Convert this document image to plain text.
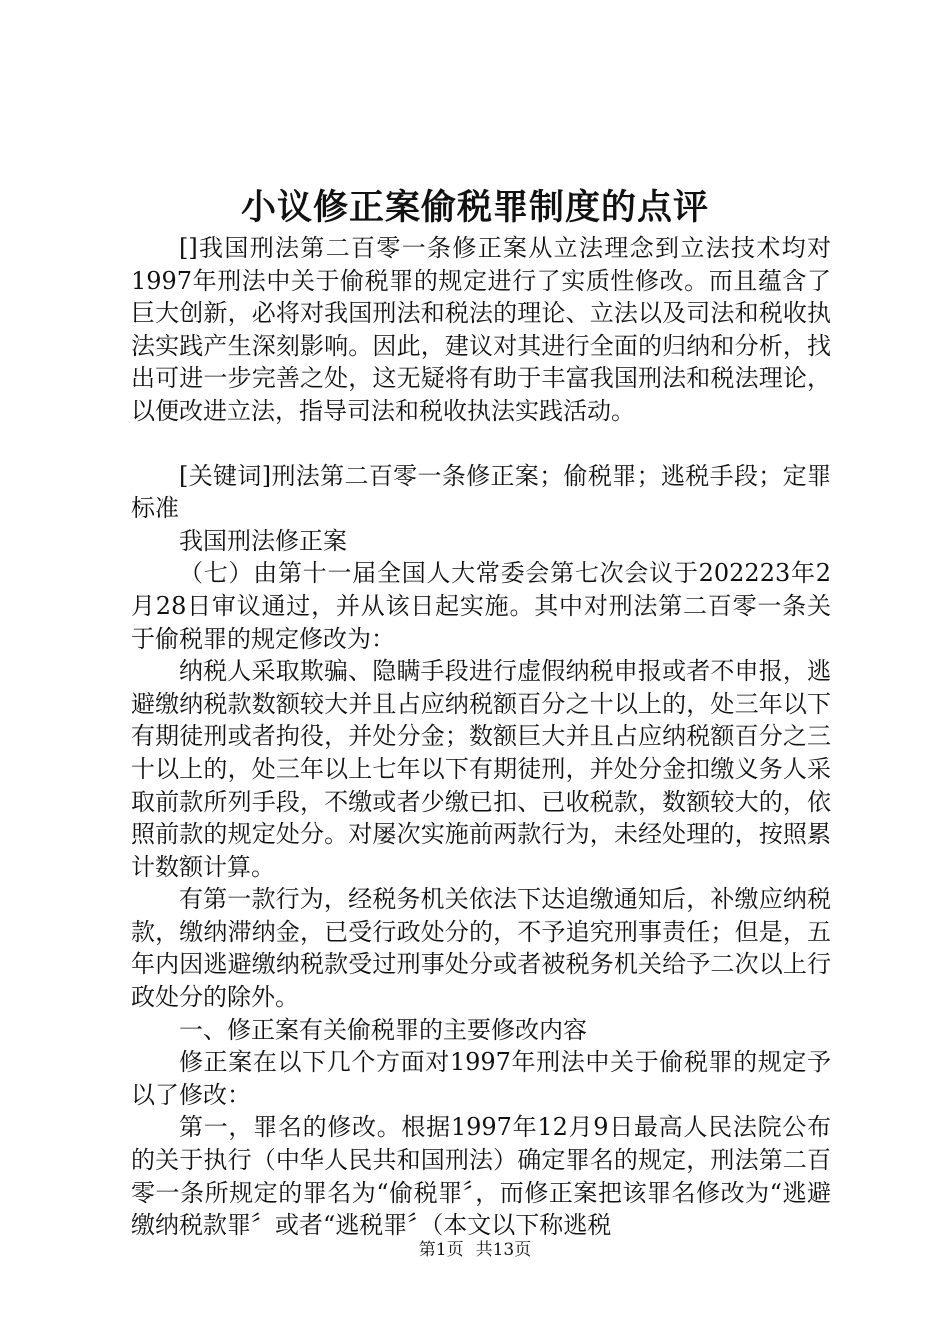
小议修正案偷税罪制度的点评

[]我国刑法第二百零一条修正案从立法理念到立法技术均对1997年刑法中关于偷税罪的规定进行了实质性修改。而且蕴含了巨大创新，必将对我国刑法和税法的理论、立法以及司法和税收执法实践产生深刻影响。因此，建议对其进行全面的归纳和分析，找出可进一步完善之处，这无疑将有助于丰富我国刑法和税法理论，以便改进立法，指导司法和税收执法实践活动。

[关键词]刑法第二百零一条修正案；偷税罪；逃税手段；定罪标准

我国刑法修正案

（七）由第十一届全国人大常委会第七次会议于202223年2月28日审议通过，并从该日起实施。其中对刑法第二百零一条关于偷税罪的规定修改为：

纳税人采取欺骗、隐瞒手段进行虚假纳税申报或者不申报，逃避缴纳税款数额较大并且占应纳税额百分之十以上的，处三年以下有期徒刑或者拘役，并处分金；数额巨大并且占应纳税额百分之三十以上的，处三年以上七年以下有期徒刑，并处分金扣缴义务人采取前款所列手段，不缴或者少缴已扣、已收税款，数额较大的，依照前款的规定处分。对屡次实施前两款行为，未经处理的，按照累计数额计算。

有第一款行为，经税务机关依法下达追缴通知后，补缴应纳税款，缴纳滞纳金，已受行政处分的，不予追究刑事责任；但是，五年内因逃避缴纳税款受过刑事处分或者被税务机关给予二次以上行政处分的除外。

一、修正案有关偷税罪的主要修改内容

修正案在以下几个方面对1997年刑法中关于偷税罪的规定予以了修改：

第一，罪名的修改。根据1997年12月9日最高人民法院公布的关于执行（中华人民共和国刑法）确定罪名的规定，刑法第二百零一条所规定的罪名为“偷税罪〞，而修正案把该罪名修改为“逃避缴纳税款罪〞或者“逃税罪〞（本文以下称逃税

第1页 共13页
